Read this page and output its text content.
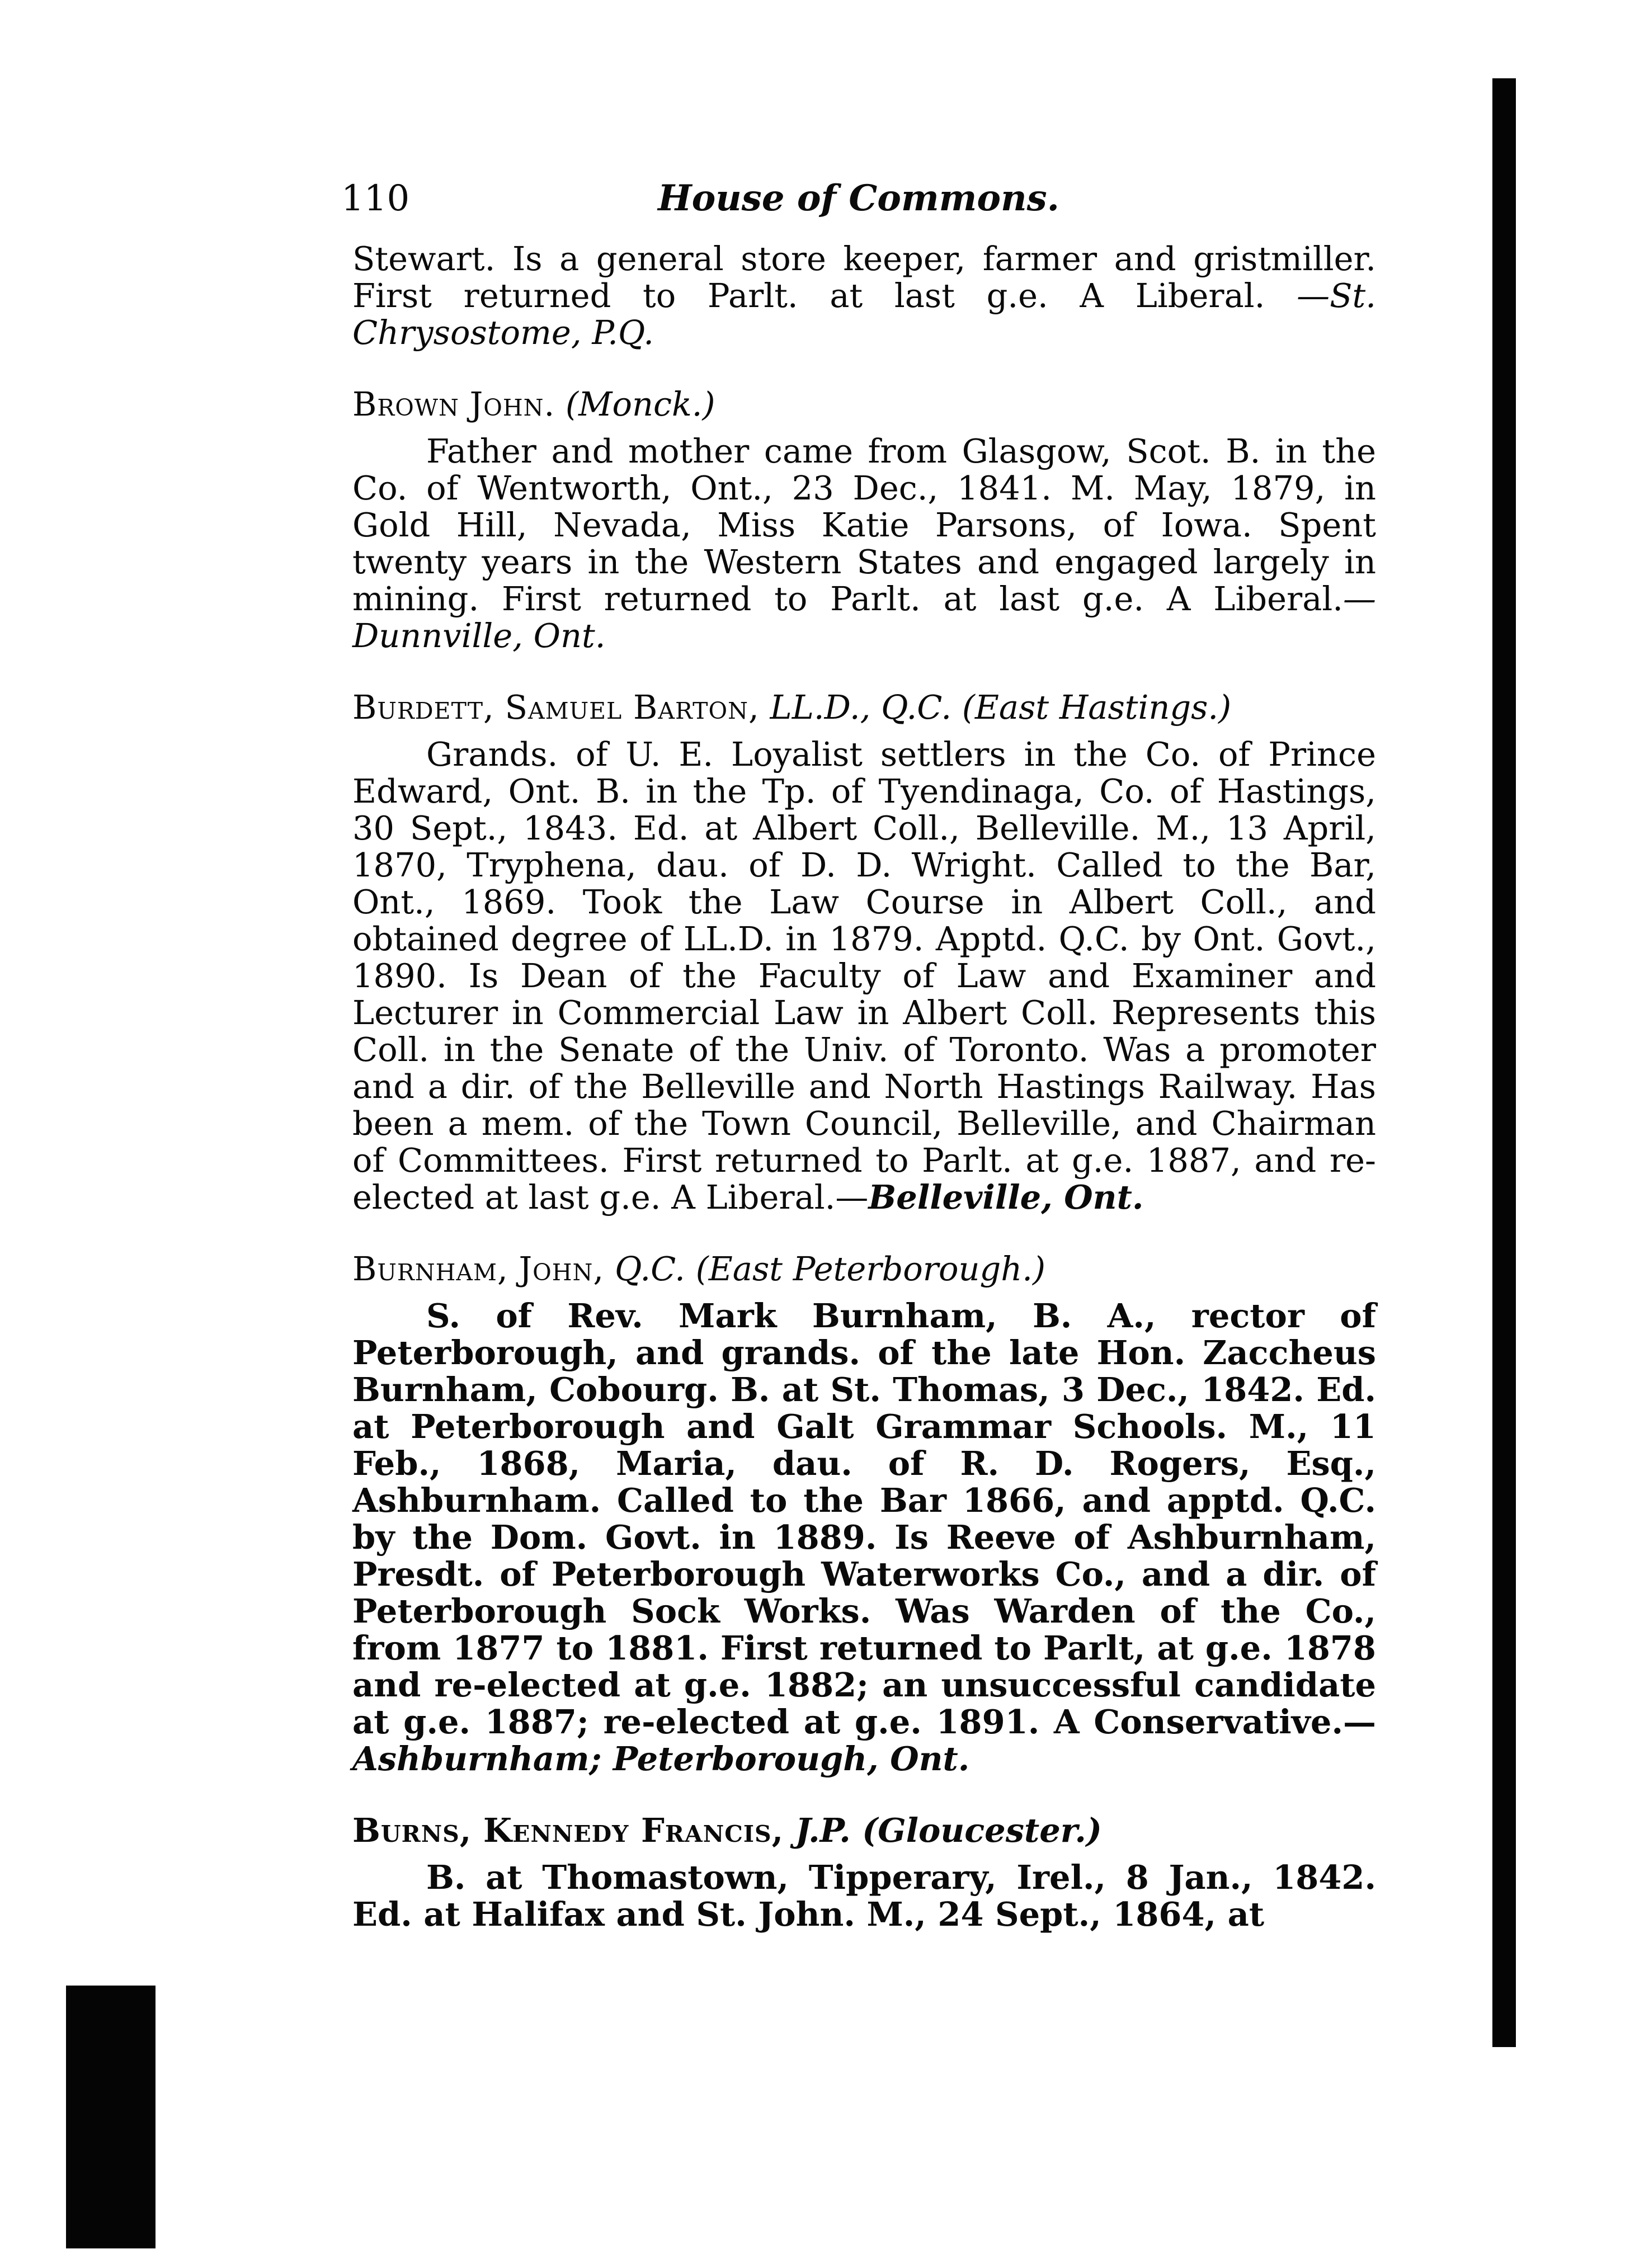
110	House of Commons.

Stewart. Is a general store keeper, farmer and gristmiller. First returned to Parlt. at last g.e. A Liberal. —St. Chrysostome, P.Q.

Brown John. (Monck.)

Father and mother came from Glasgow, Scot. B. in the Co. of Wentworth, Ont., 23 Dec., 1841. M. May, 1879, in Gold Hill, Nevada, Miss Katie Parsons, of Iowa. Spent twenty years in the Western States and engaged largely in mining. First returned to Parlt. at last g.e. A Liberal.—Dunnville, Ont.

Burdett, Samuel Barton, LL.D., Q.C. (East Hastings.)

Grands. of U. E. Loyalist settlers in the Co. of Prince Edward, Ont. B. in the Tp. of Tyendinaga, Co. of Hastings, 30 Sept., 1843. Ed. at Albert Coll., Belleville. M., 13 April, 1870, Tryphena, dau. of D. D. Wright. Called to the Bar, Ont., 1869. Took the Law Course in Albert Coll., and obtained degree of LL.D. in 1879. Apptd. Q.C. by Ont. Govt., 1890. Is Dean of the Faculty of Law and Examiner and Lecturer in Commercial Law in Albert Coll. Represents this Coll. in the Senate of the Univ. of Toronto. Was a promoter and a dir. of the Belleville and North Hastings Railway. Has been a mem. of the Town Council, Belleville, and Chairman of Committees. First returned to Parlt. at g.e. 1887, and re-elected at last g.e. A Liberal.—Belleville, Ont.

Burnham, John, Q.C. (East Peterborough.)

S. of Rev. Mark Burnham, B. A., rector of Peterborough, and grands. of the late Hon. Zaccheus Burnham, Cobourg. B. at St. Thomas, 3 Dec., 1842. Ed. at Peterborough and Galt Grammar Schools. M., 11 Feb., 1868, Maria, dau. of R. D. Rogers, Esq., Ashburnham. Called to the Bar 1866, and apptd. Q.C. by the Dom. Govt. in 1889. Is Reeve of Ashburnham, Presdt. of Peterborough Waterworks Co., and a dir. of Peterborough Sock Works. Was Warden of the Co., from 1877 to 1881. First returned to Parlt, at g.e. 1878 and re-elected at g.e. 1882; an unsuccessful candidate at g.e. 1887; re-elected at g.e. 1891. A Conservative.—Ashburnham; Peterborough, Ont.

Burns, Kennedy Francis, J.P. (Gloucester.)

B. at Thomastown, Tipperary, Irel., 8 Jan., 1842. Ed. at Halifax and St. John. M., 24 Sept., 1864, at
